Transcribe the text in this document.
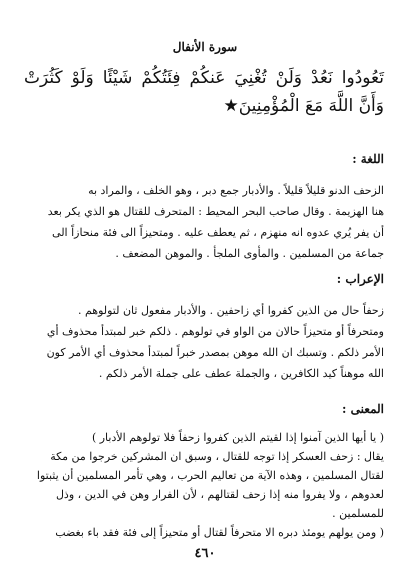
سورة الأنفال
تَعُودُوا نَعُدْ وَلَنْ تُغْنِيَ عَنكُمْ فِئَتُكُمْ شَيْئًا وَلَوْ كَثُرَتْ وَأَنَّ اللَّهَ مَعَ الْمُؤْمِنِينَ★
اللغة :

الزحف الدنو قليلاً قليلاً . والأدبار جمع دبر ، وهو الخلف ، والمراد به

هنا الهزيمة . وقال صاحب البحر المحيط : المتحرف للقتال هو الذي يكر بعد

أن يفر يُري عدوه انه منهزم ، ثم يعطف عليه . ومتحيزاً الى فئة منحازاً الى

جماعة من المسلمين . والمأوى الملجأ . والموهن المضعف .

الإعراب :

زحفاً حال من الذين كفروا أي زاحفين . والأدبار مفعول ثان لتولوهم .

ومتحرفاً أو متحيزاً حالان من الواو في تولوهم . ذلكم خبر لمبتدأ محذوف أي

الأمر ذلكم . وتسبك ان الله موهن بمصدر خبراً لمبتدأ محذوف أي الأمر كون

الله موهناً كيد الكافرين ، والجملة عطف على جملة الأمر ذلكم .

المعنى :

( يا أيها الذين آمنوا إذا لقيتم الذين كفروا زحفاً فلا تولوهم الأدبار )

يقال : زحف العسكر إذا توجه للقتال ، وسبق ان المشركين خرجوا من مكة

لقتال المسلمين ، وهذه الآية من تعاليم الحرب ، وهي تأمر المسلمين أن يثبتوا

لعدوهم ، ولا يفروا منه إذا زحف لقتالهم ، لأن الفرار وهن في الدين ، وذل

للمسلمين .

( ومن يولهم يومئذ دبره الا متحرفاً لقتال أو متحيزاً إلى فئة فقد باء بغضب

٤٦٠
